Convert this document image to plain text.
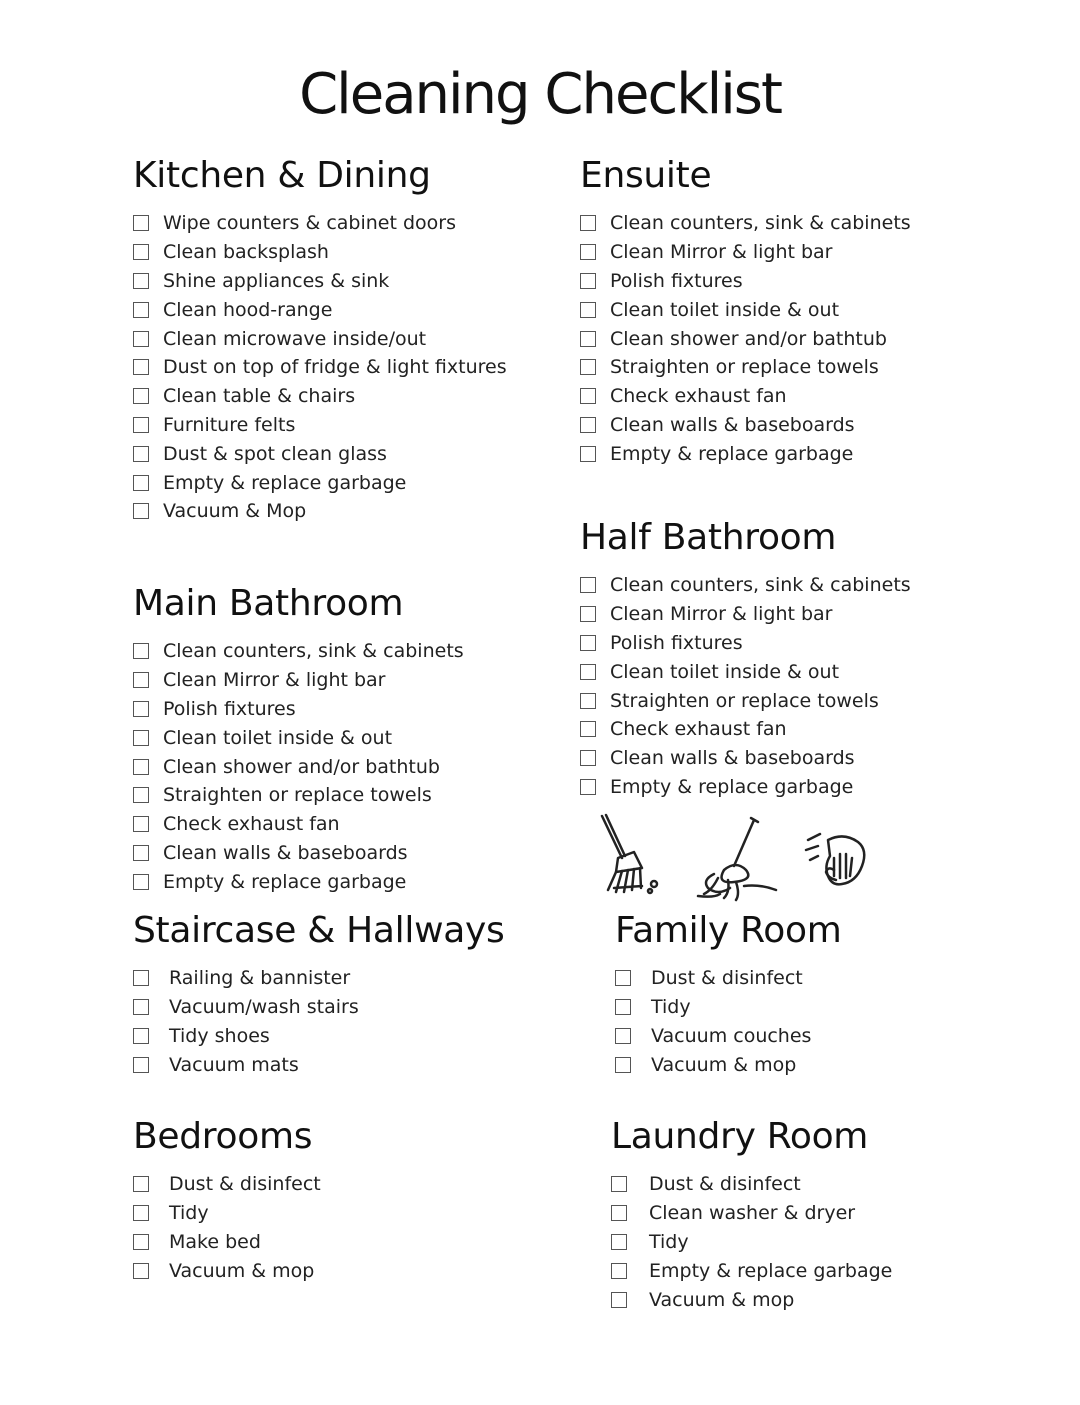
Cleaning Checklist
Kitchen & Dining
Wipe counters & cabinet doors
Clean backsplash
Shine appliances & sink
Clean hood-range
Clean microwave inside/out
Dust on top of fridge & light fixtures
Clean table & chairs
Furniture felts
Dust & spot clean glass
Empty & replace garbage
Vacuum & Mop
Ensuite
Clean counters, sink & cabinets
Clean Mirror & light bar
Polish fixtures
Clean toilet inside & out
Clean shower and/or bathtub
Straighten or replace towels
Check exhaust fan
Clean walls & baseboards
Empty & replace garbage
Half Bathroom
Clean counters, sink & cabinets
Clean Mirror & light bar
Polish fixtures
Clean toilet inside & out
Straighten or replace towels
Check exhaust fan
Clean walls & baseboards
Empty & replace garbage
Main Bathroom
Clean counters, sink & cabinets
Clean Mirror & light bar
Polish fixtures
Clean toilet inside & out
Clean shower and/or bathtub
Straighten or replace towels
Check exhaust fan
Clean walls & baseboards
Empty & replace garbage
Staircase & Hallways
Railing & bannister
Vacuum/wash stairs
Tidy shoes
Vacuum mats
Family Room
Dust & disinfect
Tidy
Vacuum couches
Vacuum & mop
Bedrooms
Dust & disinfect
Tidy
Make bed
Vacuum & mop
Laundry Room
Dust & disinfect
Clean washer & dryer
Tidy
Empty & replace garbage
Vacuum & mop
